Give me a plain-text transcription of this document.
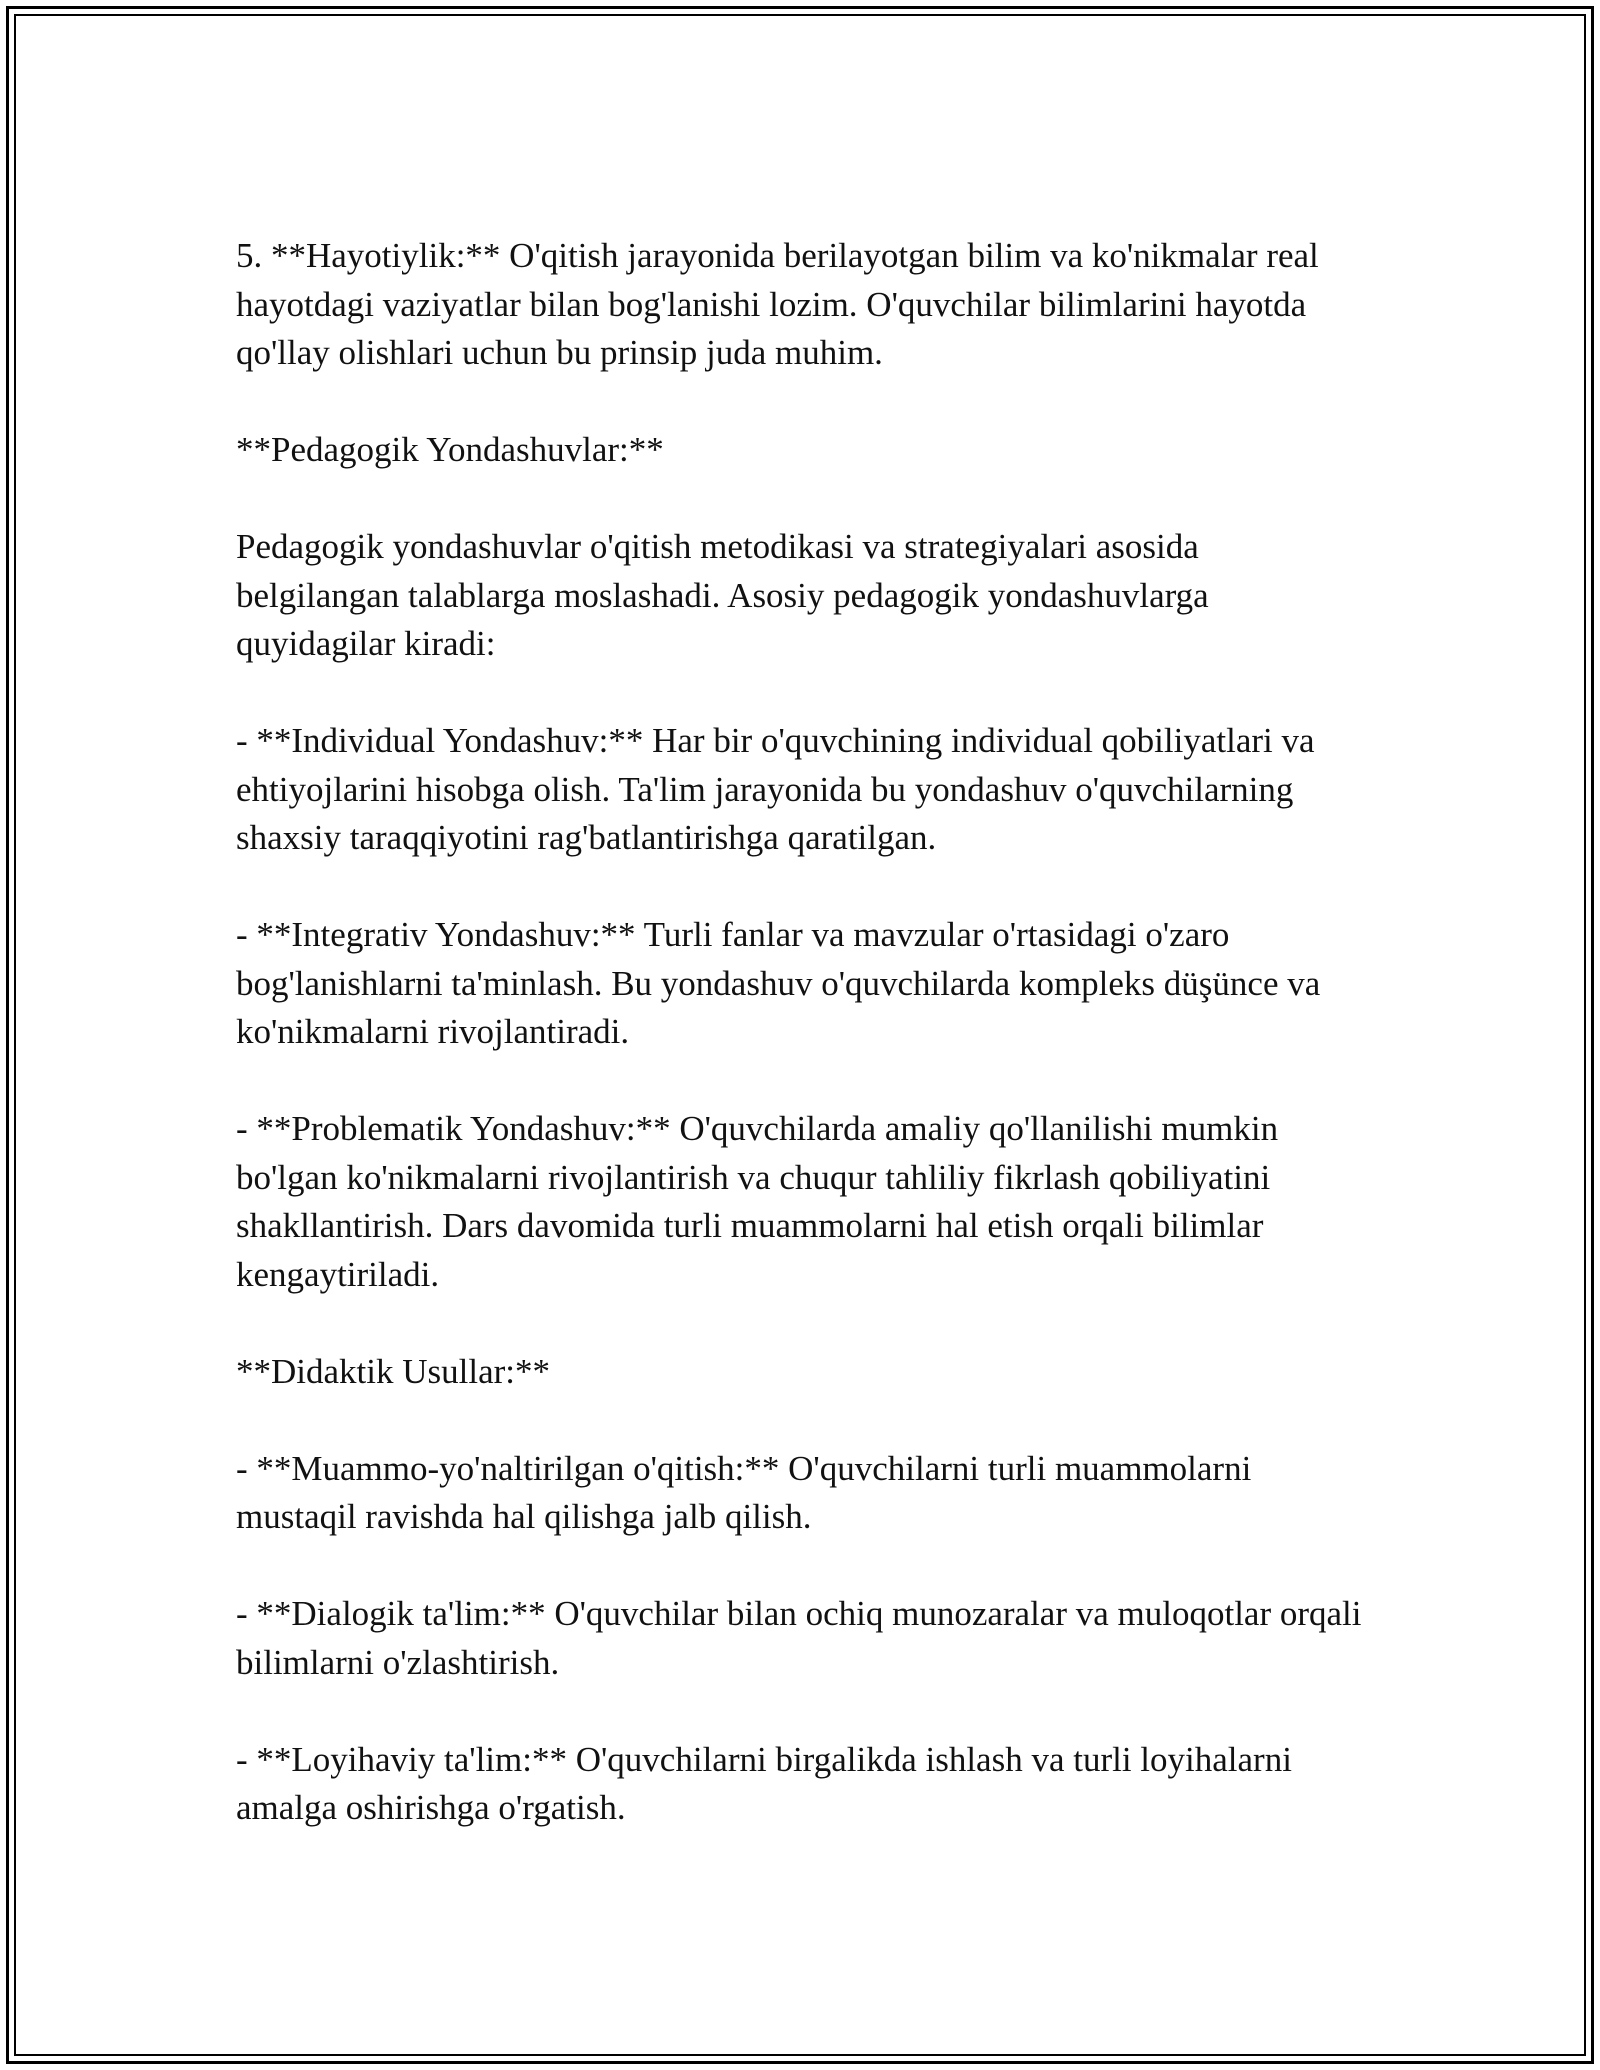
5. **Hayotiylik:** O'qitish jarayonida berilayotgan bilim va ko'nikmalar real hayotdagi vaziyatlar bilan bog'lanishi lozim. O'quvchilar bilimlarini hayotda qo'llay olishlari uchun bu prinsip juda muhim.

**Pedagogik Yondashuvlar:**

Pedagogik yondashuvlar o'qitish metodikasi va strategiyalari asosida belgilangan talablarga moslashadi. Asosiy pedagogik yondashuvlarga quyidagilar kiradi:

- **Individual Yondashuv:** Har bir o'quvchining individual qobiliyatlari va ehtiyojlarini hisobga olish. Ta'lim jarayonida bu yondashuv o'quvchilarning shaxsiy taraqqiyotini rag'batlantirishga qaratilgan.

- **Integrativ Yondashuv:** Turli fanlar va mavzular o'rtasidagi o'zaro bog'lanishlarni ta'minlash. Bu yondashuv o'quvchilarda kompleks düşünce va ko'nikmalarni rivojlantiradi.

- **Problematik Yondashuv:** O'quvchilarda amaliy qo'llanilishi mumkin bo'lgan ko'nikmalarni rivojlantirish va chuqur tahliliy fikrlash qobiliyatini shakllantirish. Dars davomida turli muammolarni hal etish orqali bilimlar kengaytiriladi.

**Didaktik Usullar:**

- **Muammo-yo'naltirilgan o'qitish:** O'quvchilarni turli muammolarni mustaqil ravishda hal qilishga jalb qilish.

- **Dialogik ta'lim:** O'quvchilar bilan ochiq munozaralar va muloqotlar orqali bilimlarni o'zlashtirish.

- **Loyihaviy ta'lim:** O'quvchilarni birgalikda ishlash va turli loyihalarni amalga oshirishga o'rgatish.
